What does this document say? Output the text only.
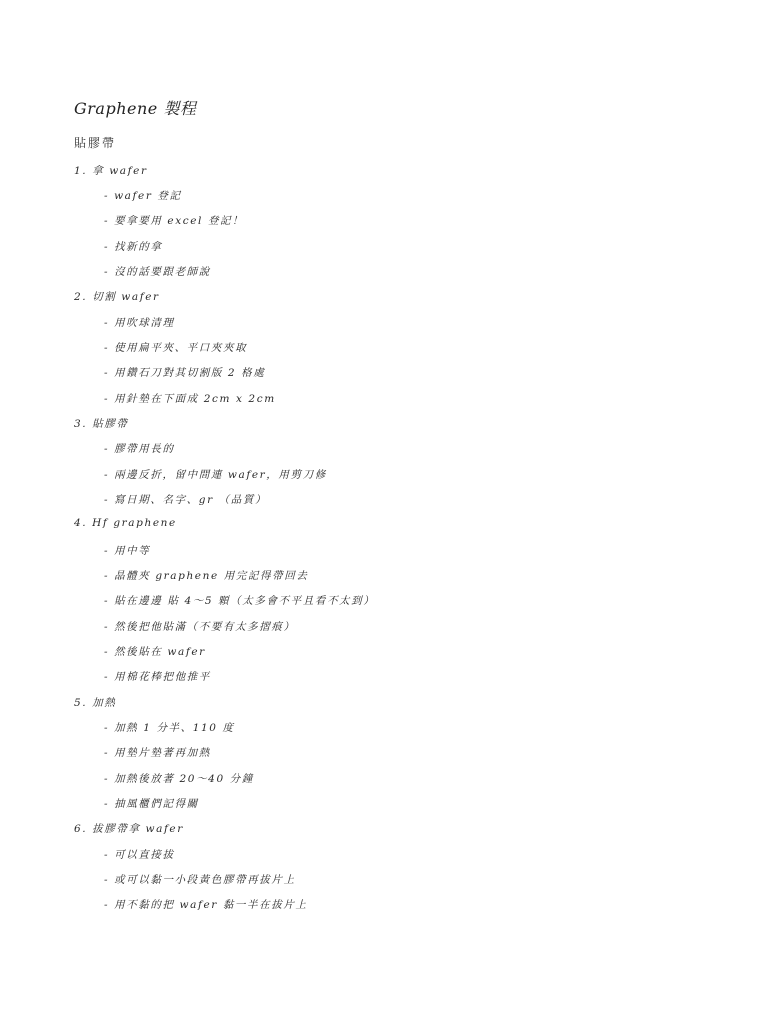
Graphene 製程
貼膠帶
1. 拿 wafer
- wafer 登記
- 要拿要用 excel 登記！
- 找新的拿
- 沒的話要跟老師說
2. 切割 wafer
- 用吹球清理
- 使用扁平夾、平口夾夾取
- 用鑽石刀對其切割版 2 格處
- 用針墊在下面成 2cm x 2cm
3. 貼膠帶
- 膠帶用長的
- 兩邊反折，留中間連 wafer，用剪刀修
- 寫日期、名字、gr （品質）
4. Hf graphene
- 用中等
- 晶體夾 graphene 用完記得帶回去
- 貼在邊邊 貼 4～5 顆（太多會不平且看不太到）
- 然後把他貼滿（不要有太多摺痕）
- 然後貼在 wafer
- 用棉花棒把他推平
5. 加熱
- 加熱 1 分半、110 度
- 用墊片墊著再加熱
- 加熱後放著 20～40 分鐘
- 抽風櫃們記得關
6. 拔膠帶拿 wafer
- 可以直接拔
- 或可以黏一小段黃色膠帶再拔片上
- 用不黏的把 wafer 黏一半在拔片上
